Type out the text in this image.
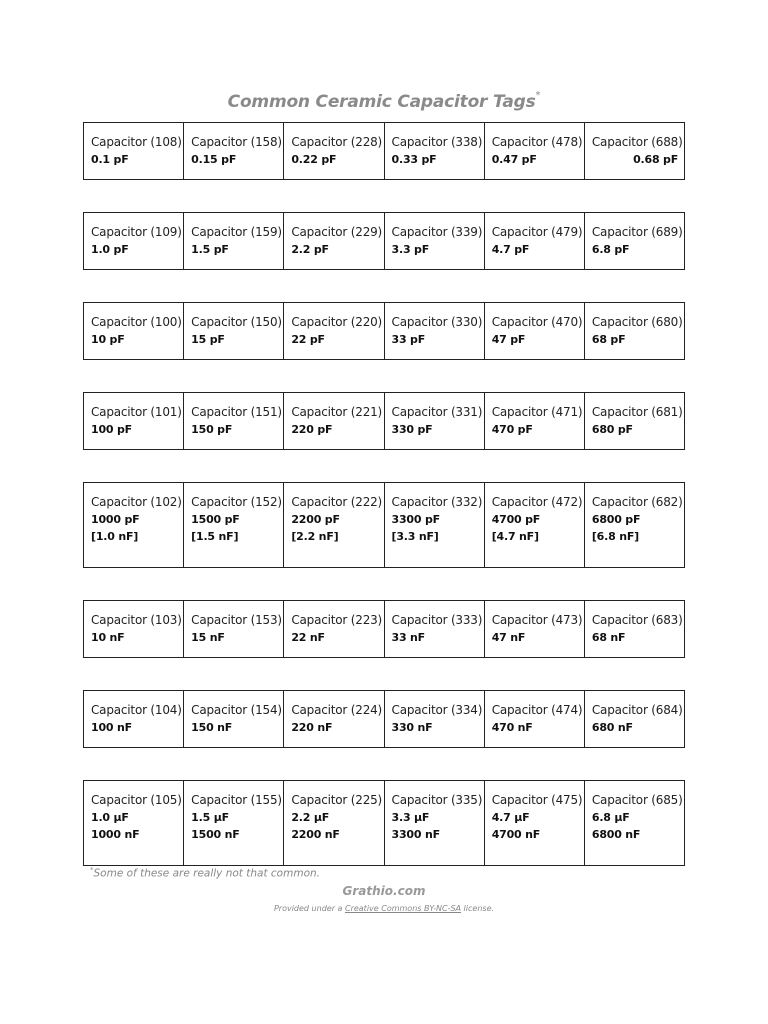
Common Ceramic Capacitor Tags*
Capacitor (108)
0.1 pF
Capacitor (158)
0.15 pF
Capacitor (228)
0.22 pF
Capacitor (338)
0.33 pF
Capacitor (478)
0.47 pF
Capacitor (688)
0.68 pF
Capacitor (109)
1.0 pF
Capacitor (159)
1.5 pF
Capacitor (229)
2.2 pF
Capacitor (339)
3.3 pF
Capacitor (479)
4.7 pF
Capacitor (689)
6.8 pF
Capacitor (100)
10 pF
Capacitor (150)
15 pF
Capacitor (220)
22 pF
Capacitor (330)
33 pF
Capacitor (470)
47 pF
Capacitor (680)
68 pF
Capacitor (101)
100 pF
Capacitor (151)
150 pF
Capacitor (221)
220 pF
Capacitor (331)
330 pF
Capacitor (471)
470 pF
Capacitor (681)
680 pF
Capacitor (102)
1000 pF
[1.0 nF]
Capacitor (152)
1500 pF
[1.5 nF]
Capacitor (222)
2200 pF
[2.2 nF]
Capacitor (332)
3300 pF
[3.3 nF]
Capacitor (472)
4700 pF
[4.7 nF]
Capacitor (682)
6800 pF
[6.8 nF]
Capacitor (103)
10 nF
Capacitor (153)
15 nF
Capacitor (223)
22 nF
Capacitor (333)
33 nF
Capacitor (473)
47 nF
Capacitor (683)
68 nF
Capacitor (104)
100 nF
Capacitor (154)
150 nF
Capacitor (224)
220 nF
Capacitor (334)
330 nF
Capacitor (474)
470 nF
Capacitor (684)
680 nF
Capacitor (105)
1.0 µF
1000 nF
Capacitor (155)
1.5 µF
1500 nF
Capacitor (225)
2.2 µF
2200 nF
Capacitor (335)
3.3 µF
3300 nF
Capacitor (475)
4.7 µF
4700 nF
Capacitor (685)
6.8 µF
6800 nF
*Some of these are really not that common.
Grathio.com
Provided under a Creative Commons BY-NC-SA license.
